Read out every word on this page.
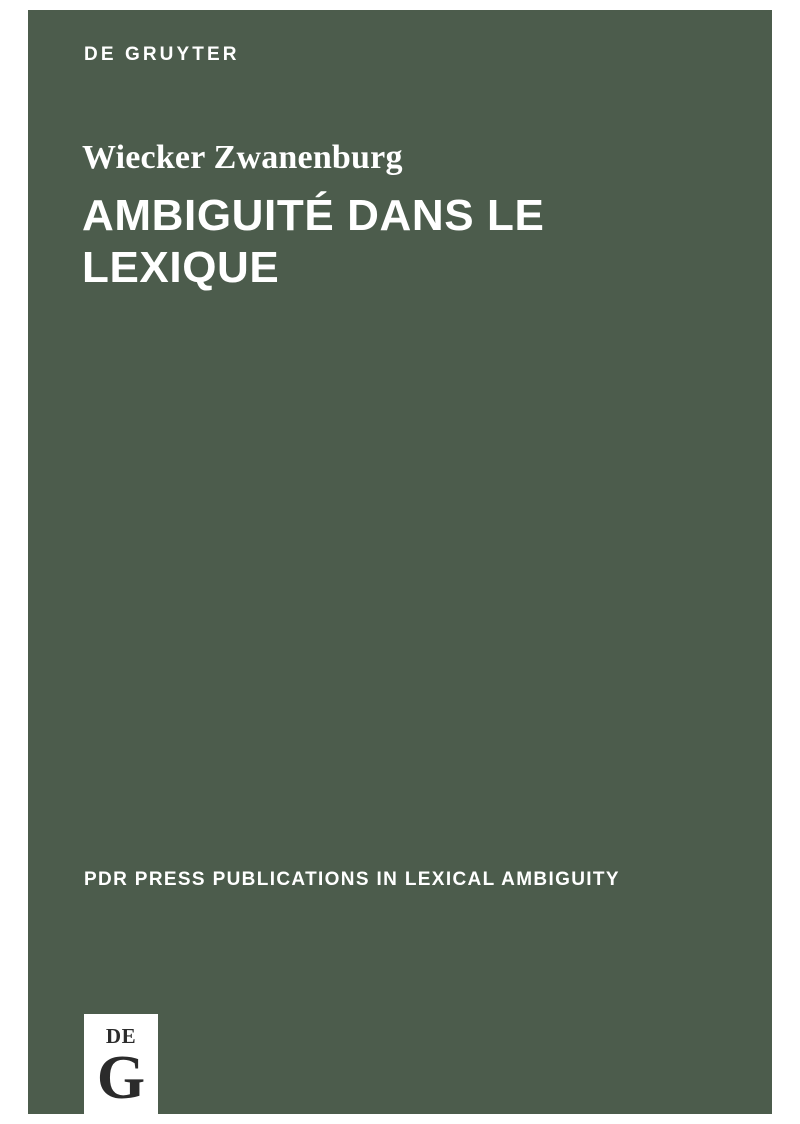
DE GRUYTER
Wiecker Zwanenburg
AMBIGUITÉ DANS LE LEXIQUE
PDR PRESS PUBLICATIONS IN LEXICAL AMBIGUITY
DE
G
